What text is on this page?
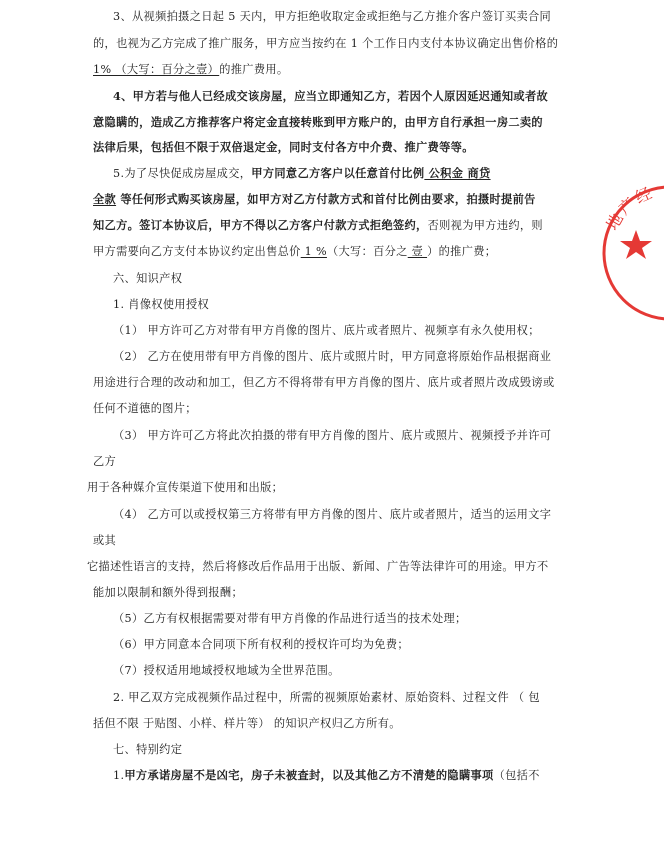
3、从视频拍摄之日起 5 天内，甲方拒绝收取定金或拒绝与乙方推介客户签订买卖合同
的，也视为乙方完成了推广服务，甲方应当按约在 1 个工作日内支付本协议确定出售价格的
1% （大写：百分之壹）的推广费用。
4、甲方若与他人已经成交该房屋，应当立即通知乙方，若因个人原因延迟通知或者故
意隐瞒的，造成乙方推荐客户将定金直接转账到甲方账户的，由甲方自行承担一房二卖的
法律后果，包括但不限于双倍退定金，同时支付各方中介费、推广费等等。
5.为了尽快促成房屋成交，甲方同意乙方客户以任意首付比例 公积金 商贷
全款 等任何形式购买该房屋，如甲方对乙方付款方式和首付比例由要求，拍摄时提前告
知乙方。签订本协议后，甲方不得以乙方客户付款方式拒绝签约，否则视为甲方违约，则
甲方需要向乙方支付本协议约定出售总价 1 %（大写：百分之 壹 ）的推广费；
六、知识产权
1. 肖像权使用授权
（1） 甲方许可乙方对带有甲方肖像的图片、底片或者照片、视频享有永久使用权；
（2） 乙方在使用带有甲方肖像的图片、底片或照片时，甲方同意将原始作品根据商业
用途进行合理的改动和加工，但乙方不得将带有甲方肖像的图片、底片或者照片改成毁谤或
任何不道德的图片；
（3） 甲方许可乙方将此次拍摄的带有甲方肖像的图片、底片或照片、视频授予并许可
乙方
用于各种媒介宣传渠道下使用和出版；
（4） 乙方可以或授权第三方将带有甲方肖像的图片、底片或者照片，适当的运用文字
或其
它描述性语言的支持，然后将修改后作品用于出版、新闻、广告等法律许可的用途。甲方不
能加以限制和额外得到报酬；
（5）乙方有权根据需要对带有甲方肖像的作品进行适当的技术处理；
（6）甲方同意本合同项下所有权利的授权许可均为免费；
（7）授权适用地域授权地域为全世界范围。
2. 甲乙双方完成视频作品过程中，所需的视频原始素材、原始资料、过程文件 （ 包
括但不限 于贴图、小样、样片等） 的知识产权归乙方所有。
七、特别约定
1.甲方承诺房屋不是凶宅，房子未被查封，以及其他乙方不清楚的隐瞒事项（包括不
地产经
